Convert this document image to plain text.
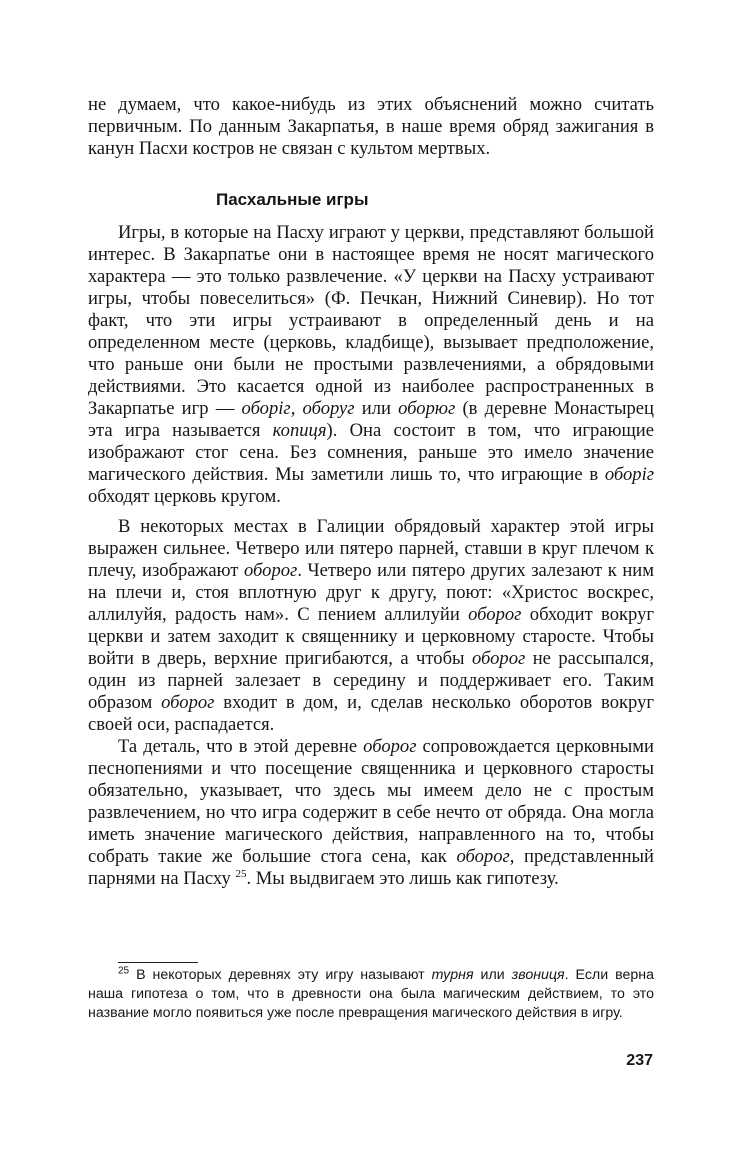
не думаем, что какое-нибудь из этих объяснений можно считать первичным. По данным Закарпатья, в наше время обряд зажигания в канун Пасхи костров не связан с культом мертвых.

Пасхальные игры

Игры, в которые на Пасху играют у церкви, представляют большой интерес. В Закарпатье они в настоящее время не носят магического характера — это только развлечение. «У церкви на Пасху устраивают игры, чтобы повеселиться» (Ф. Печкан, Нижний Синевир). Но тот факт, что эти игры устраивают в определенный день и на определенном месте (церковь, кладбище), вызывает предположение, что раньше они были не простыми развлечениями, а обрядовыми действиями. Это касается одной из наиболее распространенных в Закарпатье игр — оборiг, оборуг или оборюг (в деревне Монастырец эта игра называется копиця). Она состоит в том, что играющие изображают стог сена. Без сомнения, раньше это имело значение магического действия. Мы заметили лишь то, что играющие в оборiг обходят церковь кругом.

В некоторых местах в Галиции обрядовый характер этой игры выражен сильнее. Четверо или пятеро парней, ставши в круг плечом к плечу, изображают оборог. Четверо или пятеро других залезают к ним на плечи и, стоя вплотную друг к другу, поют: «Христос воскрес, аллилуйя, радость нам». С пением аллилуйи оборог обходит вокруг церкви и затем заходит к священнику и церковному старосте. Чтобы войти в дверь, верхние пригибаются, а чтобы оборог не рассыпался, один из парней залезает в середину и поддерживает его. Таким образом оборог входит в дом, и, сделав несколько оборотов вокруг своей оси, распадается.

Та деталь, что в этой деревне оборог сопровождается церковными песнопениями и что посещение священника и церковного старосты обязательно, указывает, что здесь мы имеем дело не с простым развлечением, но что игра содержит в себе нечто от обряда. Она могла иметь значение магического действия, направленного на то, чтобы собрать такие же большие стога сена, как оборог, представленный парнями на Пасху $^{25}$. Мы выдвигаем это лишь как гипотезу.

$^{25}$ В некоторых деревнях эту игру называют турня или звониця. Если верна наша гипотеза о том, что в древности она была магическим действием, то это название могло появиться уже после превращения магического действия в игру.

237
